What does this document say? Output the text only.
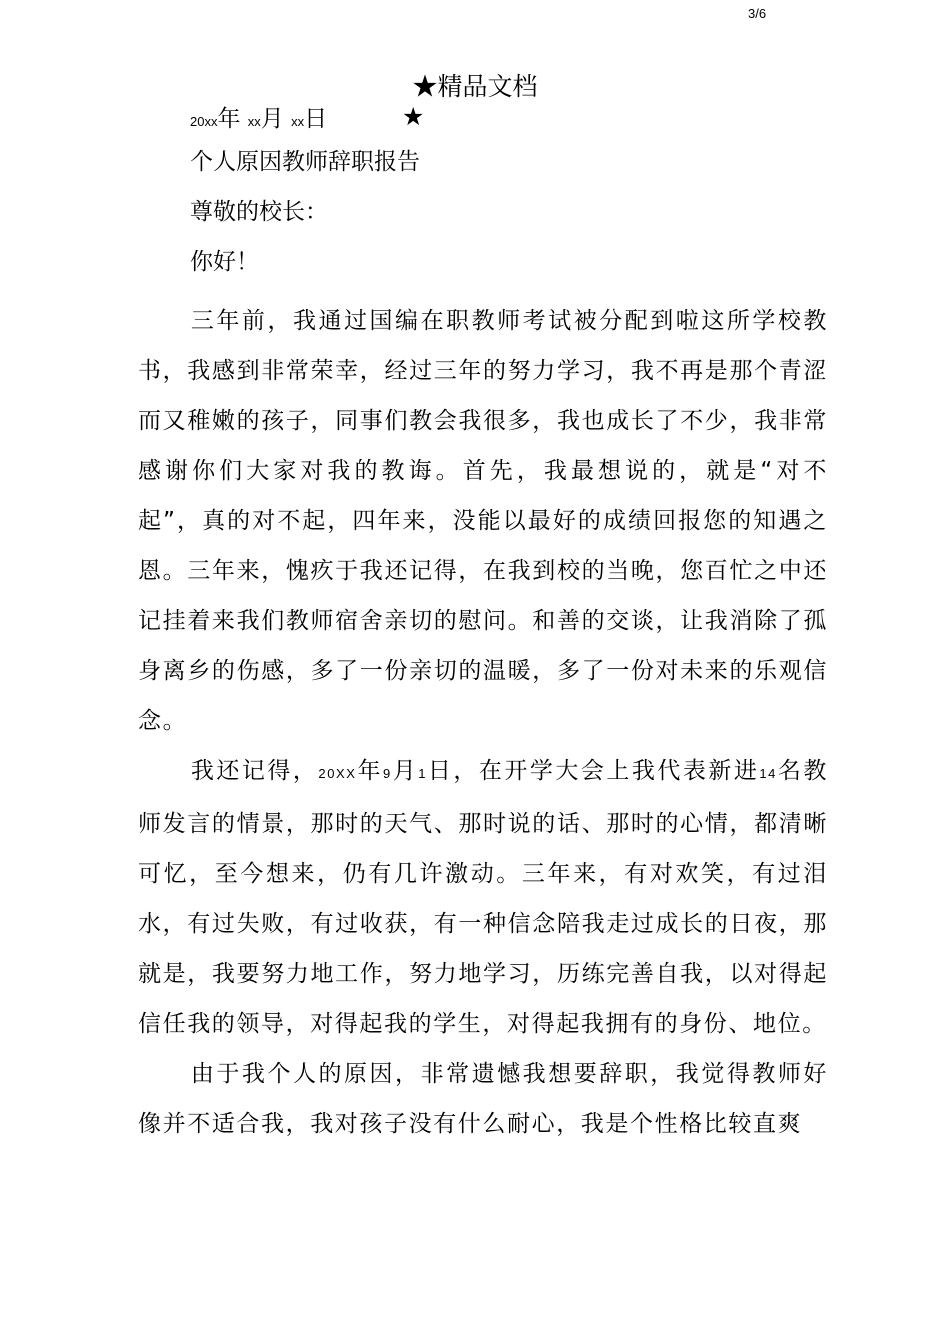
3/6
★精品文档
★
20xx年 xx月 xx日
个人原因教师辞职报告
尊敬的校长：
你好！

三年前，我通过国编在职教师考试被分配到啦这所学校教书，我感到非常荣幸，经过三年的努力学习，我不再是那个青涩而又稚嫩的孩子，同事们教会我很多，我也成长了不少，我非常感谢你们大家对我的教诲。首先，我最想说的，就是“对不起”，真的对不起，四年来，没能以最好的成绩回报您的知遇之恩。三年来，愧疚于我还记得，在我到校的当晚，您百忙之中还记挂着来我们教师宿舍亲切的慰问。和善的交谈，让我消除了孤身离乡的伤感，多了一份亲切的温暖，多了一份对未来的乐观信念。

我还记得，20XX年9月1日，在开学大会上我代表新进14名教师发言的情景，那时的天气、那时说的话、那时的心情，都清晰可忆，至今想来，仍有几许激动。三年来，有对欢笑，有过泪水，有过失败，有过收获，有一种信念陪我走过成长的日夜，那就是，我要努力地工作，努力地学习，历练完善自我，以对得起信任我的领导，对得起我的学生，对得起我拥有的身份、地位。

由于我个人的原因，非常遗憾我想要辞职，我觉得教师好像并不适合我，我对孩子没有什么耐心，我是个性格比较直爽
